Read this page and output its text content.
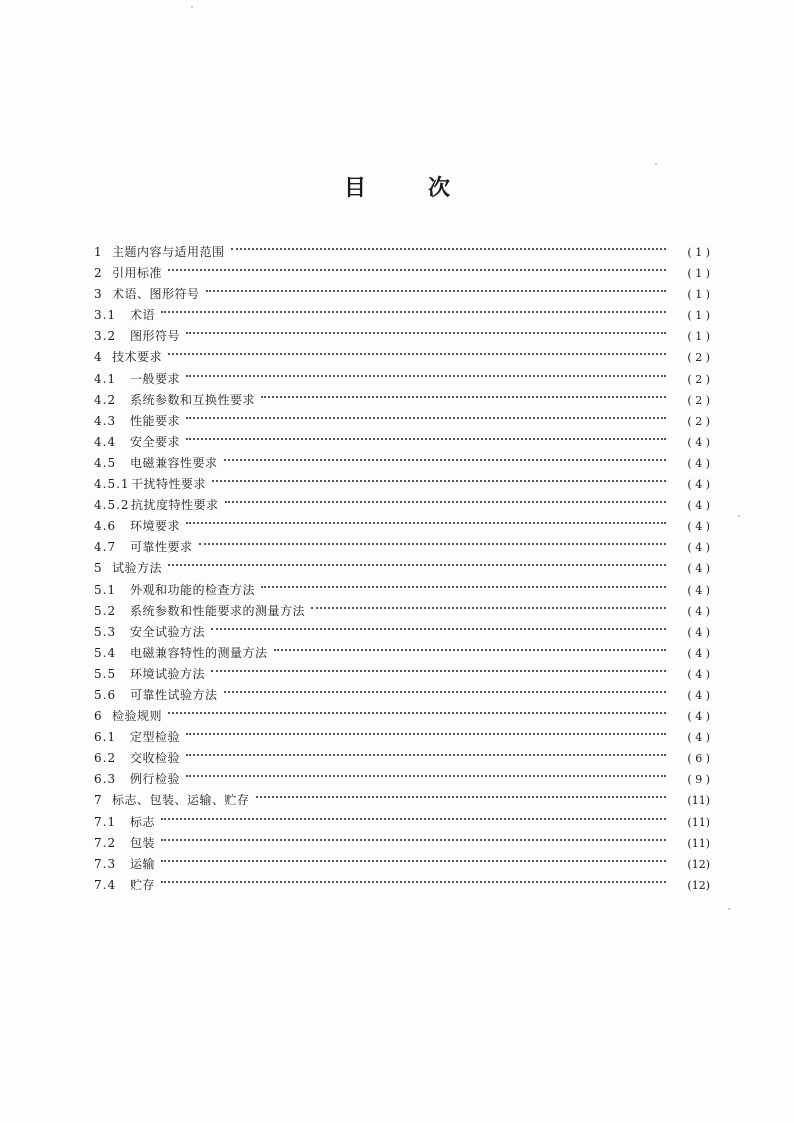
目	次
1 主题内容与适用范围	( 1 )
2 引用标准	( 1 )
3 术语、图形符号	( 1 )
3.1	术语	( 1 )
3.2	图形符号	( 1 )
4 技术要求	( 2 )
4.1	一般要求	( 2 )
4.2	系统参数和互换性要求	( 2 )
4.3	性能要求	( 2 )
4.4	安全要求	( 4 )
4.5	电磁兼容性要求	( 4 )
4.5.1 干扰特性要求	( 4 )
4.5.2 抗扰度特性要求	( 4 )
4.6	环境要求	( 4 )
4.7	可靠性要求	( 4 )
5 试验方法	( 4 )
5.1	外观和功能的检查方法	( 4 )
5.2	系统参数和性能要求的测量方法	( 4 )
5.3	安全试验方法	( 4 )
5.4	电磁兼容特性的测量方法	( 4 )
5.5	环境试验方法	( 4 )
5.6	可靠性试验方法	( 4 )
6 检验规则	( 4 )
6.1	定型检验	( 4 )
6.2	交收检验	( 6 )
6.3	例行检验	( 9 )
7 标志、包装、运输、贮存	(11)
7.1	标志	(11)
7.2	包装	(11)
7.3	运输	(12)
7.4	贮存	(12)
